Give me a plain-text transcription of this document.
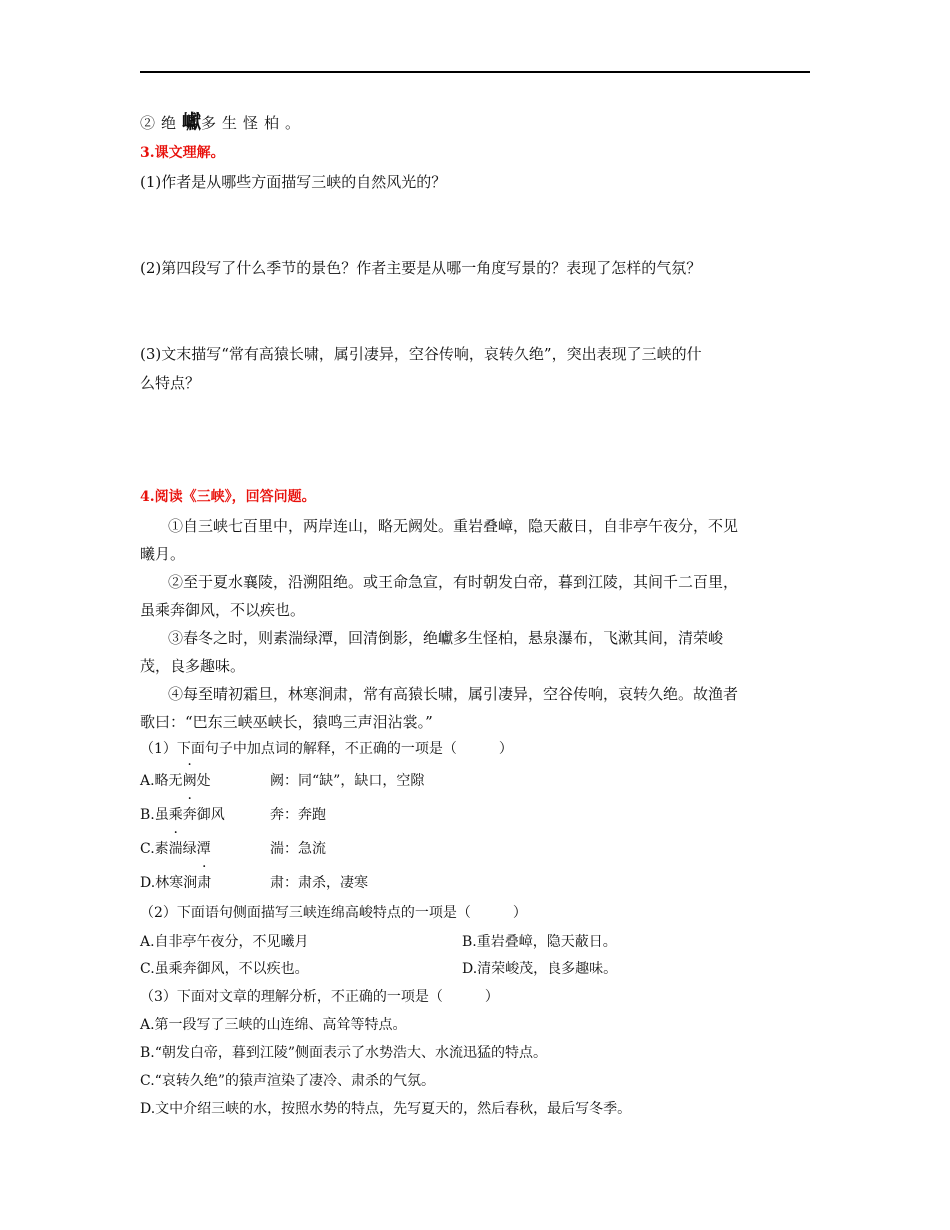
②绝巘多生怪柏。
3.课文理解。
(1)作者是从哪些方面描写三峡的自然风光的？
(2)第四段写了什么季节的景色？作者主要是从哪一角度写景的？表现了怎样的气氛？
(3)文末描写“常有高猿长啸，属引凄异，空谷传响，哀转久绝”，突出表现了三峡的什
么特点？
4.阅读《三峡》，回答问题。
①自三峡七百里中，两岸连山，略无阙处。重岩叠嶂，隐天蔽日，自非亭午夜分，不见
曦月。
②至于夏水襄陵，沿溯阻绝。或王命急宣，有时朝发白帝，暮到江陵，其间千二百里，
虽乘奔御风，不以疾也。
③春冬之时，则素湍绿潭，回清倒影，绝巘多生怪柏，悬泉瀑布，飞漱其间，清荣峻
茂，良多趣味。
④每至晴初霜旦，林寒涧肃，常有高猿长啸，属引凄异，空谷传响，哀转久绝。故渔者
歌曰：“巴东三峡巫峡长，猿鸣三声泪沾裳。”
（1）下面句子中加点词的解释，不正确的一项是（　　　）
A.略无阙处	阙：同“缺”，缺口，空隙
B.虽乘奔御风	奔：奔跑
C.素湍绿潭	湍：急流
D.林寒涧肃	肃：肃杀，凄寒
（2）下面语句侧面描写三峡连绵高峻特点的一项是（　　　）
A.自非亭午夜分，不见曦月	B.重岩叠嶂，隐天蔽日。
C.虽乘奔御风，不以疾也。	D.清荣峻茂，良多趣味。
（3）下面对文章的理解分析，不正确的一项是（　　　）
A.第一段写了三峡的山连绵、高耸等特点。
B.“朝发白帝，暮到江陵”侧面表示了水势浩大、水流迅猛的特点。
C.“哀转久绝”的猿声渲染了凄冷、肃杀的气氛。
D.文中介绍三峡的水，按照水势的特点，先写夏天的，然后春秋，最后写冬季。
